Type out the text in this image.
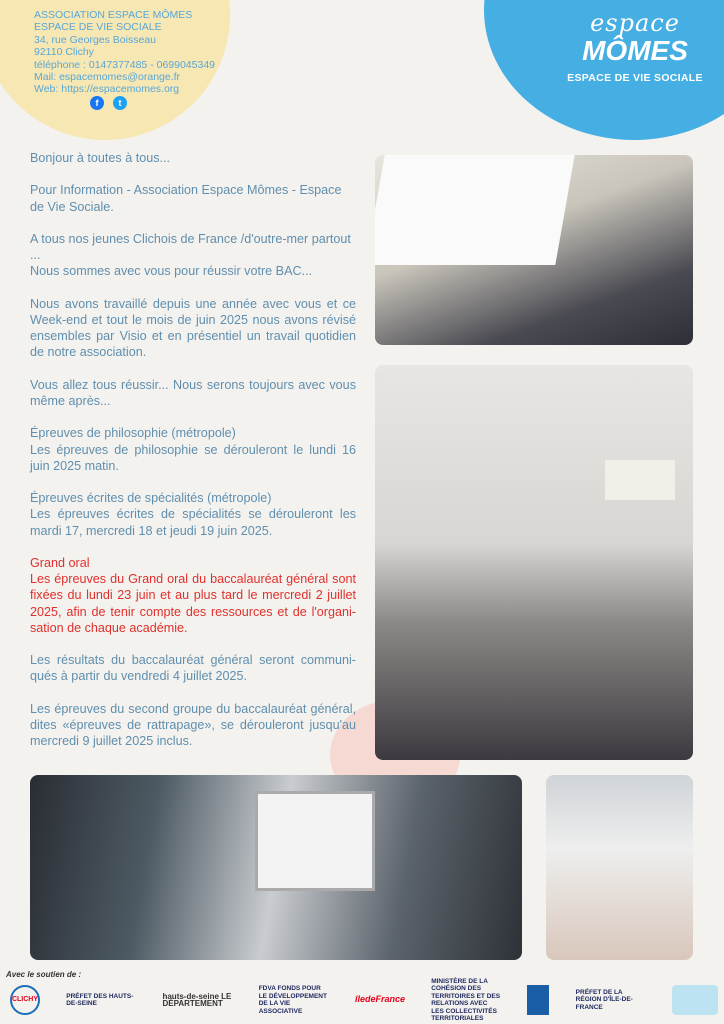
ASSOCIATION ESPACE MÔMES
ESPACE DE VIE SOCIALE
34, rue Georges Boisseau
92110 Clichy
téléphone : 0147377485 - 0699045349
Mail: espacemomes@orange.fr
Web: https://espacemomes.org
f	t
espace
MÔMES
ESPACE DE VIE SOCIALE

Bonjour à toutes à tous...

Pour Information - Association Espace Mômes - Espace de Vie Sociale.

A tous nos jeunes Clichois de France /d'outre-mer partout ...

Nous sommes avec vous pour réussir votre BAC...

Nous avons travaillé depuis une année avec vous et ce Week-end et tout le mois de juin 2025 nous avons révisé ensembles par Visio et en présentiel un travail quotidien de notre association.

Vous allez tous réussir... Nous serons toujours avec vous même après...

Épreuves de philosophie (métropole)

Les épreuves de philosophie se dérouleront le lundi 16 juin 2025 matin.

Épreuves écrites de spécialités (métropole)

Les épreuves écrites de spécialités se dérouleront les mardi 17, mercredi 18 et jeudi 19 juin 2025.

Grand oral

Les épreuves du Grand oral du baccalauréat général sont fixées du lundi 23 juin et au plus tard le mercredi 2 juillet 2025, afin de tenir compte des ressources et de l'organi-sation de chaque académie.

Les résultats du baccalauréat général seront communi-qués à partir du vendredi 4 juillet 2025.

Les épreuves du second groupe du baccalauréat général, dites «épreuves de rattrapage», se dérouleront jusqu'au mercredi 9 juillet 2025 inclus.

Avec le soutien de :
CLICHY
PRÉFET DES HAUTS-DE-SEINE
hauts-de-seine LE DÉPARTEMENT
FDVA FONDS POUR LE DÉVELOPPEMENT DE LA VIE ASSOCIATIVE
îledeFrance
MINISTÈRE DE LA COHÉSION DES TERRITOIRES ET DES RELATIONS AVEC LES COLLECTIVITÉS TERRITORIALES
PRÉFET DE LA RÉGION D'ÎLE-DE-FRANCE
